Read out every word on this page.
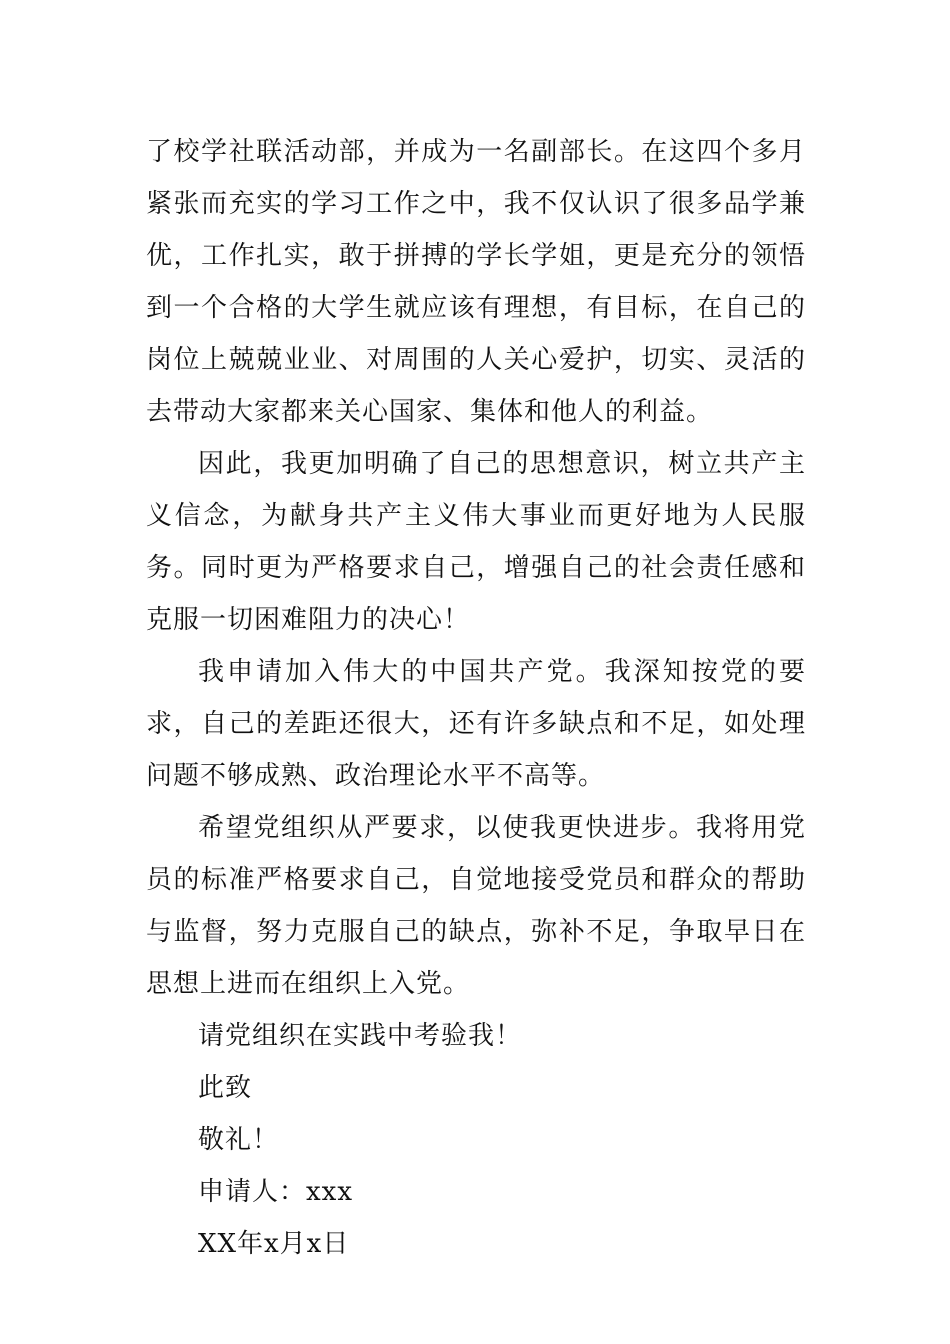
了校学社联活动部，并成为一名副部长。在这四个多月紧张而充实的学习工作之中，我不仅认识了很多品学兼优，工作扎实，敢于拼搏的学长学姐，更是充分的领悟到一个合格的大学生就应该有理想，有目标，在自己的岗位上兢兢业业、对周围的人关心爱护，切实、灵活的去带动大家都来关心国家、集体和他人的利益。

因此，我更加明确了自己的思想意识，树立共产主义信念，为献身共产主义伟大事业而更好地为人民服务。同时更为严格要求自己，增强自己的社会责任感和克服一切困难阻力的决心！

我申请加入伟大的中国共产党。我深知按党的要求，自己的差距还很大，还有许多缺点和不足，如处理问题不够成熟、政治理论水平不高等。

希望党组织从严要求，以使我更快进步。我将用党员的标准严格要求自己，自觉地接受党员和群众的帮助与监督，努力克服自己的缺点，弥补不足，争取早日在思想上进而在组织上入党。

请党组织在实践中考验我！

此致

敬礼！

申请人：xxx

XX年x月x日
